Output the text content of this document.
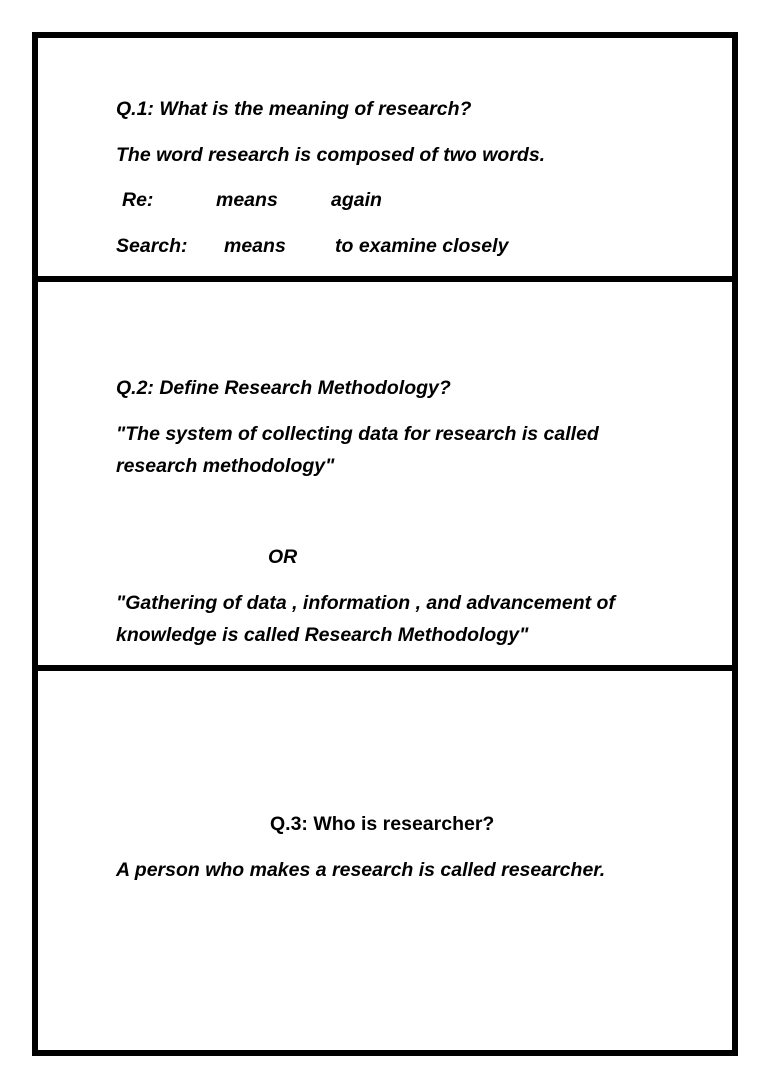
Q.1: What is the meaning of research?
The word research is composed of two words.
Re:	means	again
Search: means	to examine closely
Q.2: Define Research Methodology?
"The system of collecting data for research is called
research methodology"
OR
"Gathering of data , information , and advancement of
knowledge is called Research Methodology"
Q.3: Who is researcher?
A person who makes a research is called researcher.
